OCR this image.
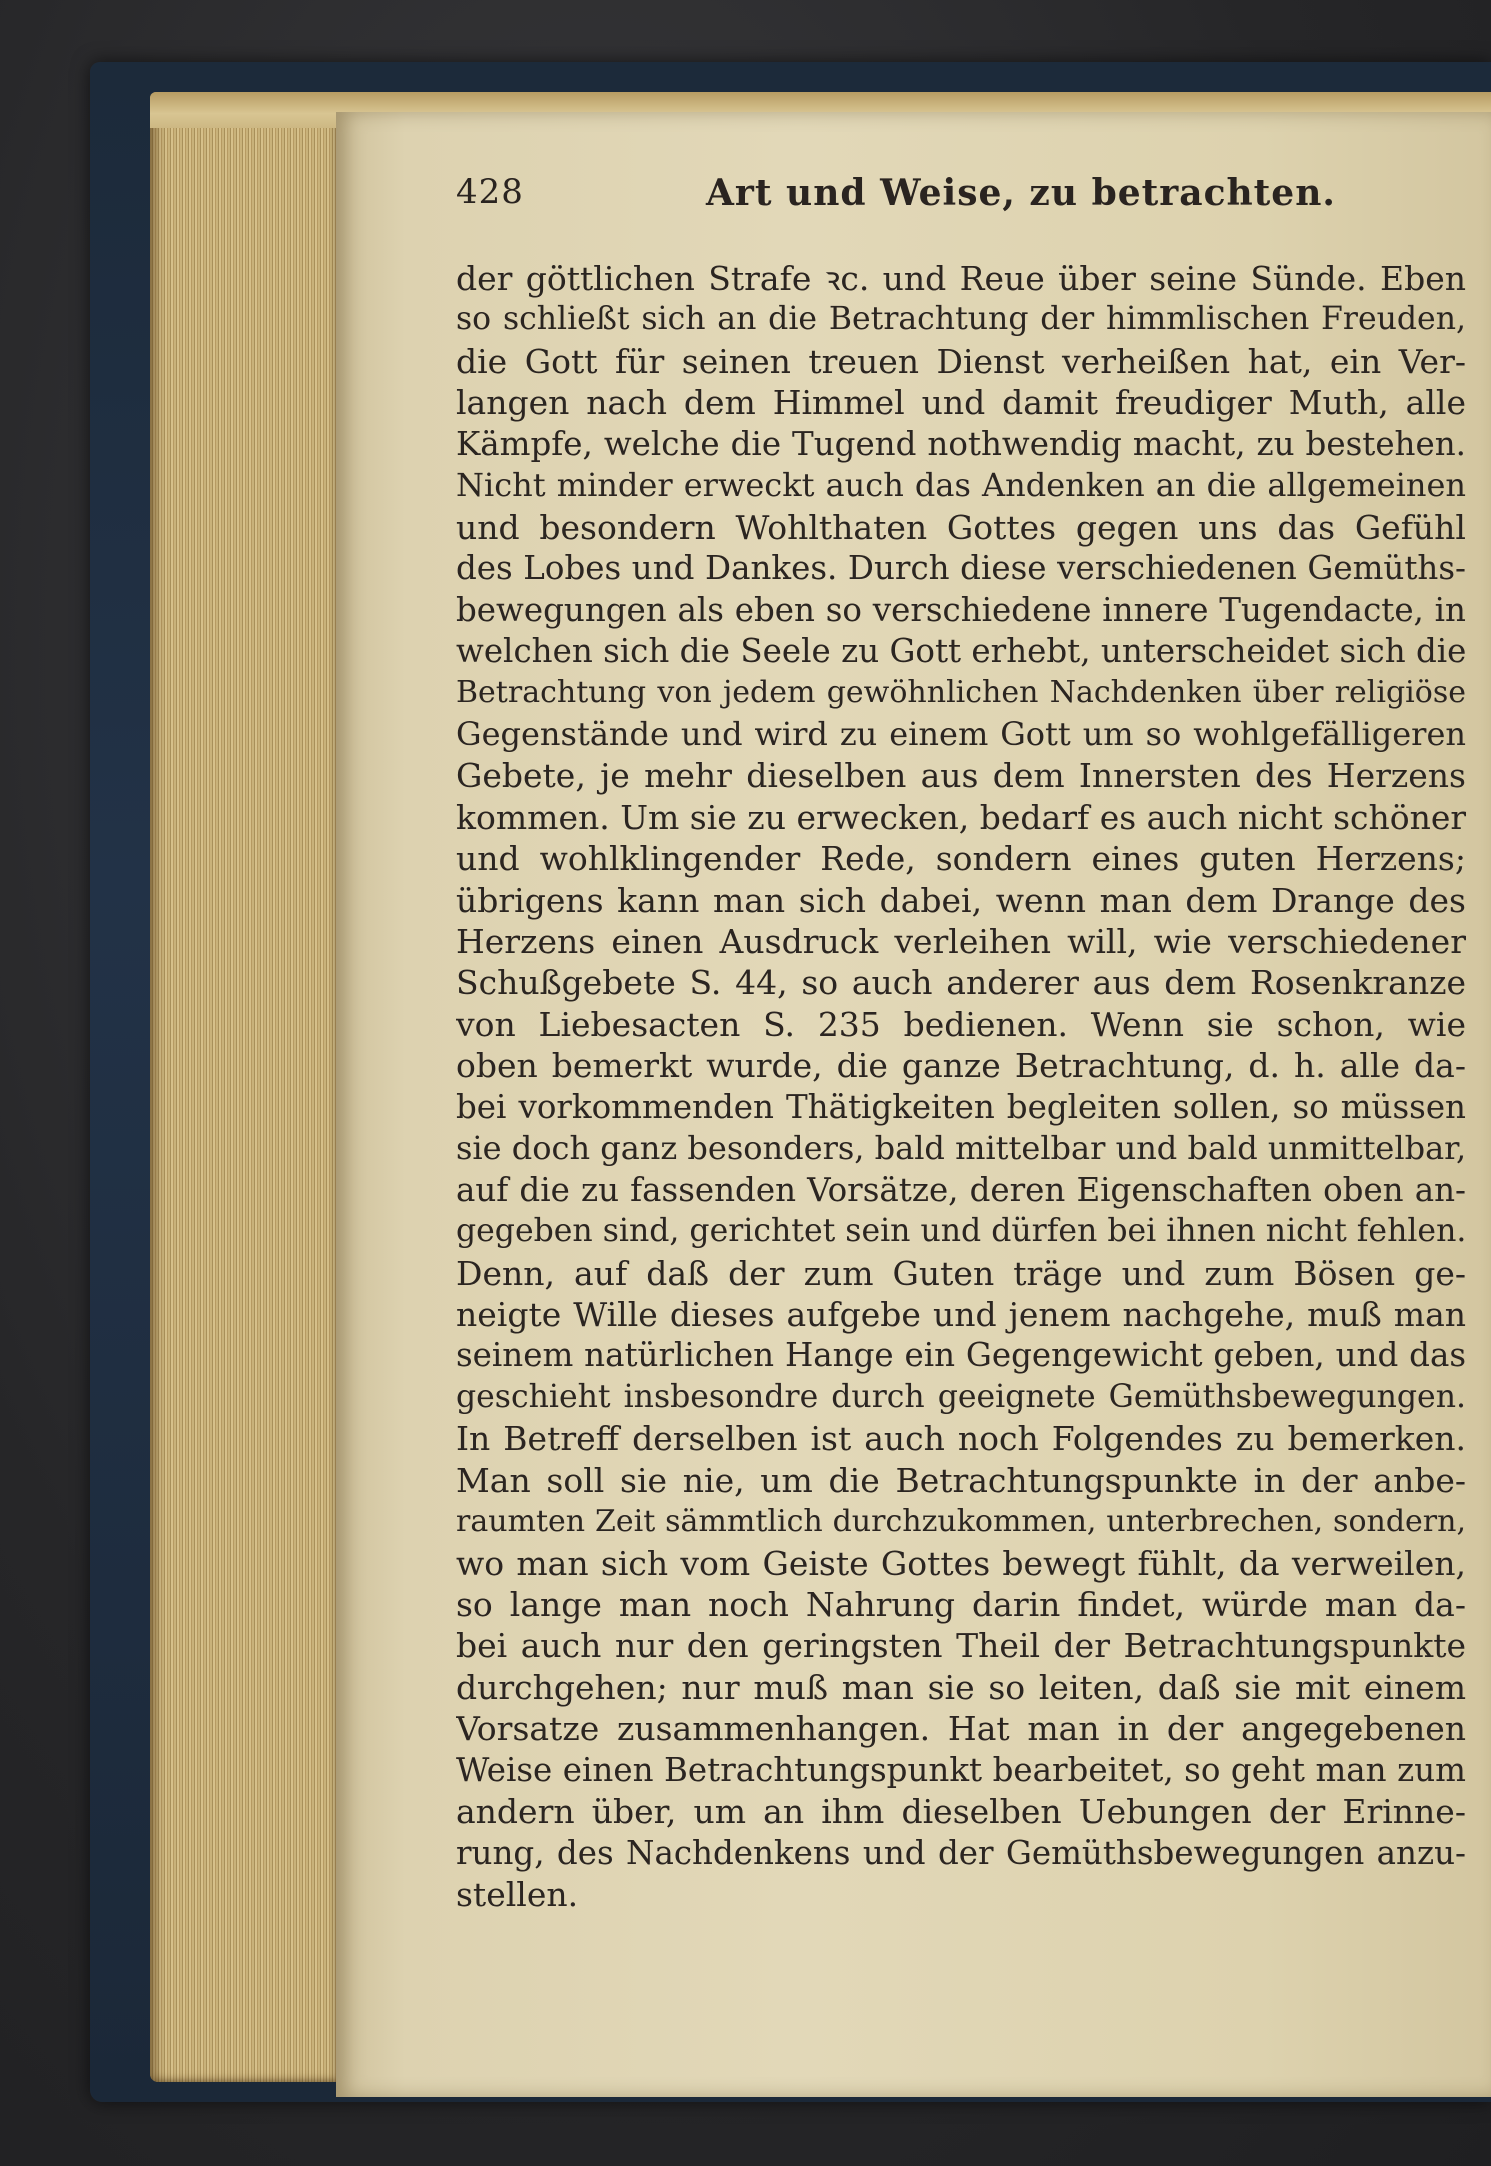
428	Art und Weise, zu betrachten.
der göttlichen Strafe ꝛc. und Reue über seine Sünde. Eben
so schließt sich an die Betrachtung der himmlischen Freuden,
die Gott für seinen treuen Dienst verheißen hat, ein Ver-
langen nach dem Himmel und damit freudiger Muth, alle
Kämpfe, welche die Tugend nothwendig macht, zu bestehen.
Nicht minder erweckt auch das Andenken an die allgemeinen
und besondern Wohlthaten Gottes gegen uns das Gefühl
des Lobes und Dankes. Durch diese verschiedenen Gemüths-
bewegungen als eben so verschiedene innere Tugendacte, in
welchen sich die Seele zu Gott erhebt, unterscheidet sich die
Betrachtung von jedem gewöhnlichen Nachdenken über religiöse
Gegenstände und wird zu einem Gott um so wohlgefälligeren
Gebete, je mehr dieselben aus dem Innersten des Herzens
kommen. Um sie zu erwecken, bedarf es auch nicht schöner
und wohlklingender Rede, sondern eines guten Herzens;
übrigens kann man sich dabei, wenn man dem Drange des
Herzens einen Ausdruck verleihen will, wie verschiedener
Schußgebete S. 44, so auch anderer aus dem Rosenkranze
von Liebesacten S. 235 bedienen. Wenn sie schon, wie
oben bemerkt wurde, die ganze Betrachtung, d. h. alle da-
bei vorkommenden Thätigkeiten begleiten sollen, so müssen
sie doch ganz besonders, bald mittelbar und bald unmittelbar,
auf die zu fassenden Vorsätze, deren Eigenschaften oben an-
gegeben sind, gerichtet sein und dürfen bei ihnen nicht fehlen.
Denn, auf daß der zum Guten träge und zum Bösen ge-
neigte Wille dieses aufgebe und jenem nachgehe, muß man
seinem natürlichen Hange ein Gegengewicht geben, und das
geschieht insbesondre durch geeignete Gemüthsbewegungen.
In Betreff derselben ist auch noch Folgendes zu bemerken.
Man soll sie nie, um die Betrachtungspunkte in der anbe-
raumten Zeit sämmtlich durchzukommen, unterbrechen, sondern,
wo man sich vom Geiste Gottes bewegt fühlt, da verweilen,
so lange man noch Nahrung darin findet, würde man da-
bei auch nur den geringsten Theil der Betrachtungspunkte
durchgehen; nur muß man sie so leiten, daß sie mit einem
Vorsatze zusammenhangen. Hat man in der angegebenen
Weise einen Betrachtungspunkt bearbeitet, so geht man zum
andern über, um an ihm dieselben Uebungen der Erinne-
rung, des Nachdenkens und der Gemüthsbewegungen anzu-
stellen.
